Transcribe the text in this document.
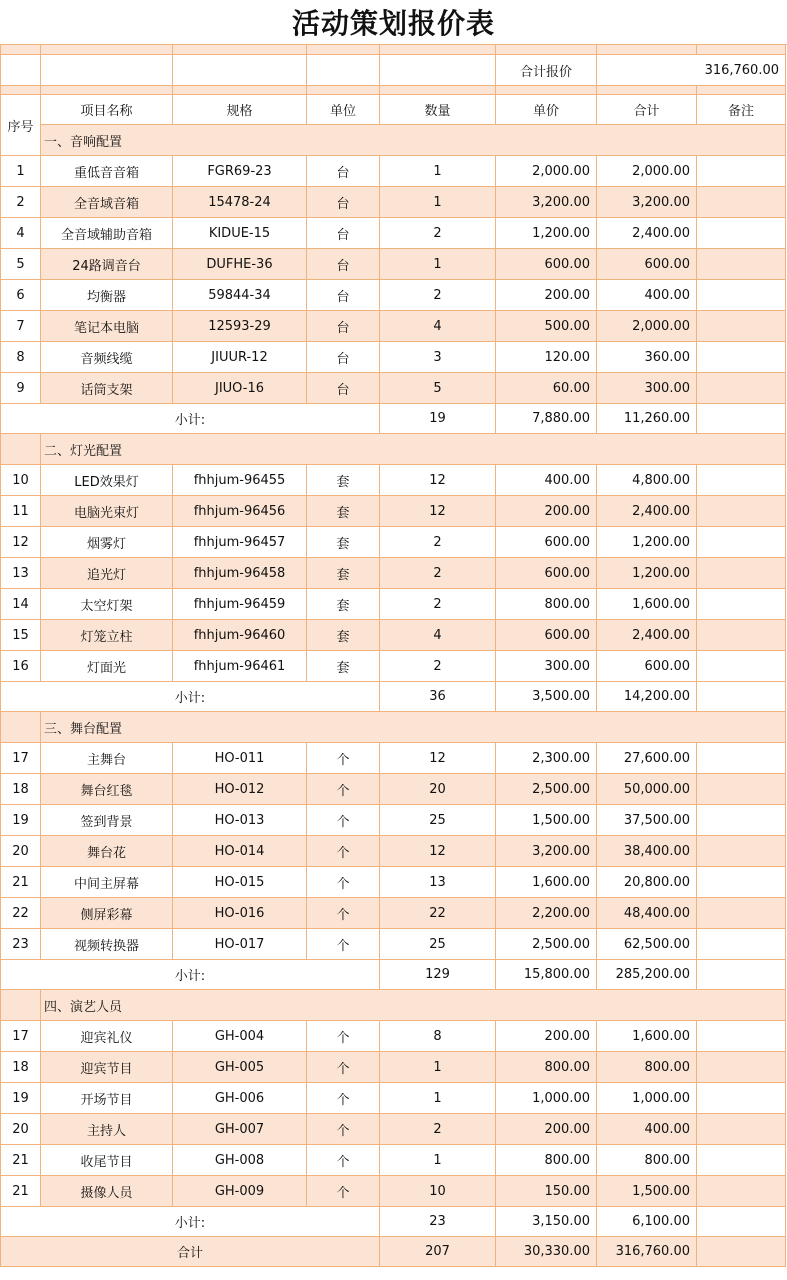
活动策划报价表

					合计报价	316,760.00	

序号	项目名称	规格	单位	数量	单价	合计	备注
	一、音响配置						
1	重低音音箱	FGR69-23	台	1	2,000.00	2,000.00	
2	全音域音箱	15478-24	台	1	3,200.00	3,200.00	
4	全音域辅助音箱	KIDUE-15	台	2	1,200.00	2,400.00	
5	24路调音台	DUFHE-36	台	1	600.00	600.00	
6	均衡器	59844-34	台	2	200.00	400.00	
7	笔记本电脑	12593-29	台	4	500.00	2,000.00	
8	音频线缆	JIUUR-12	台	3	120.00	360.00	
9	话筒支架	JIUO-16	台	5	60.00	300.00	
小计:				19	7,880.00	11,260.00	
	二、灯光配置						
10	LED效果灯	fhhjum-96455	套	12	400.00	4,800.00	
11	电脑光束灯	fhhjum-96456	套	12	200.00	2,400.00	
12	烟雾灯	fhhjum-96457	套	2	600.00	1,200.00	
13	追光灯	fhhjum-96458	套	2	600.00	1,200.00	
14	太空灯架	fhhjum-96459	套	2	800.00	1,600.00	
15	灯笼立柱	fhhjum-96460	套	4	600.00	2,400.00	
16	灯面光	fhhjum-96461	套	2	300.00	600.00	
小计:				36	3,500.00	14,200.00	
	三、舞台配置						
17	主舞台	HO-011	个	12	2,300.00	27,600.00	
18	舞台红毯	HO-012	个	20	2,500.00	50,000.00	
19	签到背景	HO-013	个	25	1,500.00	37,500.00	
20	舞台花	HO-014	个	12	3,200.00	38,400.00	
21	中间主屏幕	HO-015	个	13	1,600.00	20,800.00	
22	侧屏彩幕	HO-016	个	22	2,200.00	48,400.00	
23	视频转换器	HO-017	个	25	2,500.00	62,500.00	
小计:				129	15,800.00	285,200.00	
	四、演艺人员						
17	迎宾礼仪	GH-004	个	8	200.00	1,600.00	
18	迎宾节目	GH-005	个	1	800.00	800.00	
19	开场节目	GH-006	个	1	1,000.00	1,000.00	
20	主持人	GH-007	个	2	200.00	400.00	
21	收尾节目	GH-008	个	1	800.00	800.00	
21	摄像人员	GH-009	个	10	150.00	1,500.00	
小计:				23	3,150.00	6,100.00	
合计				207	30,330.00	316,760.00	
